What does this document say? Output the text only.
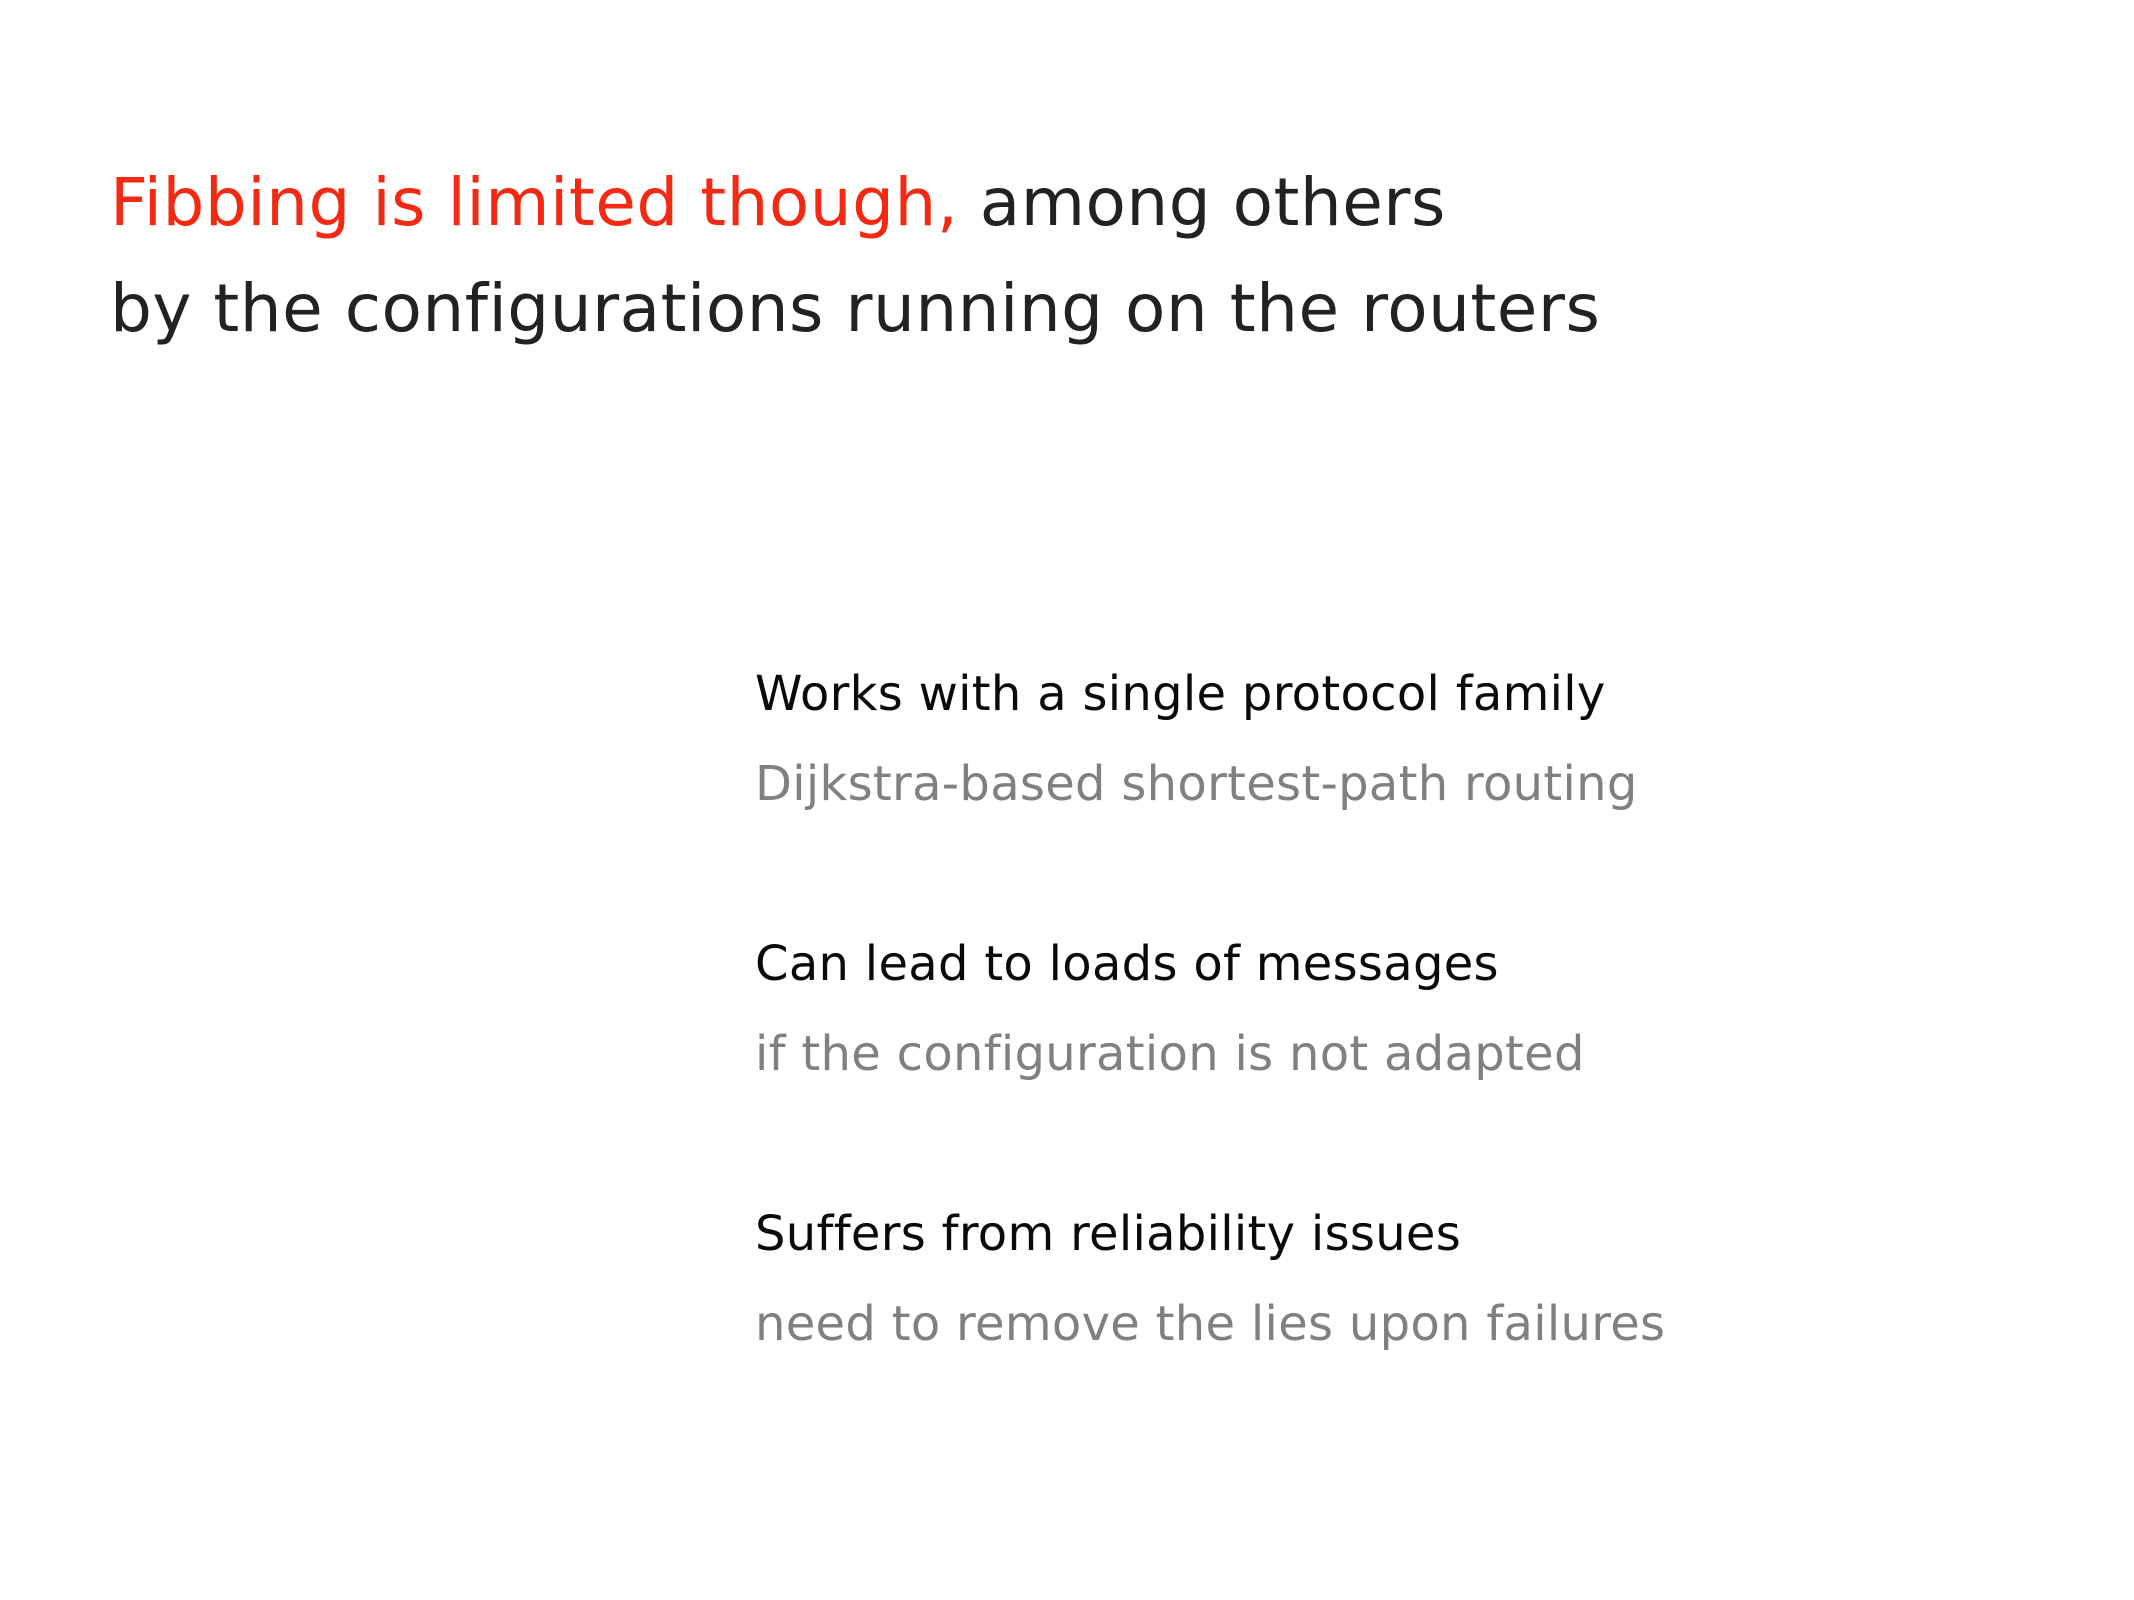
Fibbing is limited though, among others
by the configurations running on the routers
Works with a single protocol family
Dijkstra-based shortest-path routing
Can lead to loads of messages
if the configuration is not adapted
Suffers from reliability issues
need to remove the lies upon failures
